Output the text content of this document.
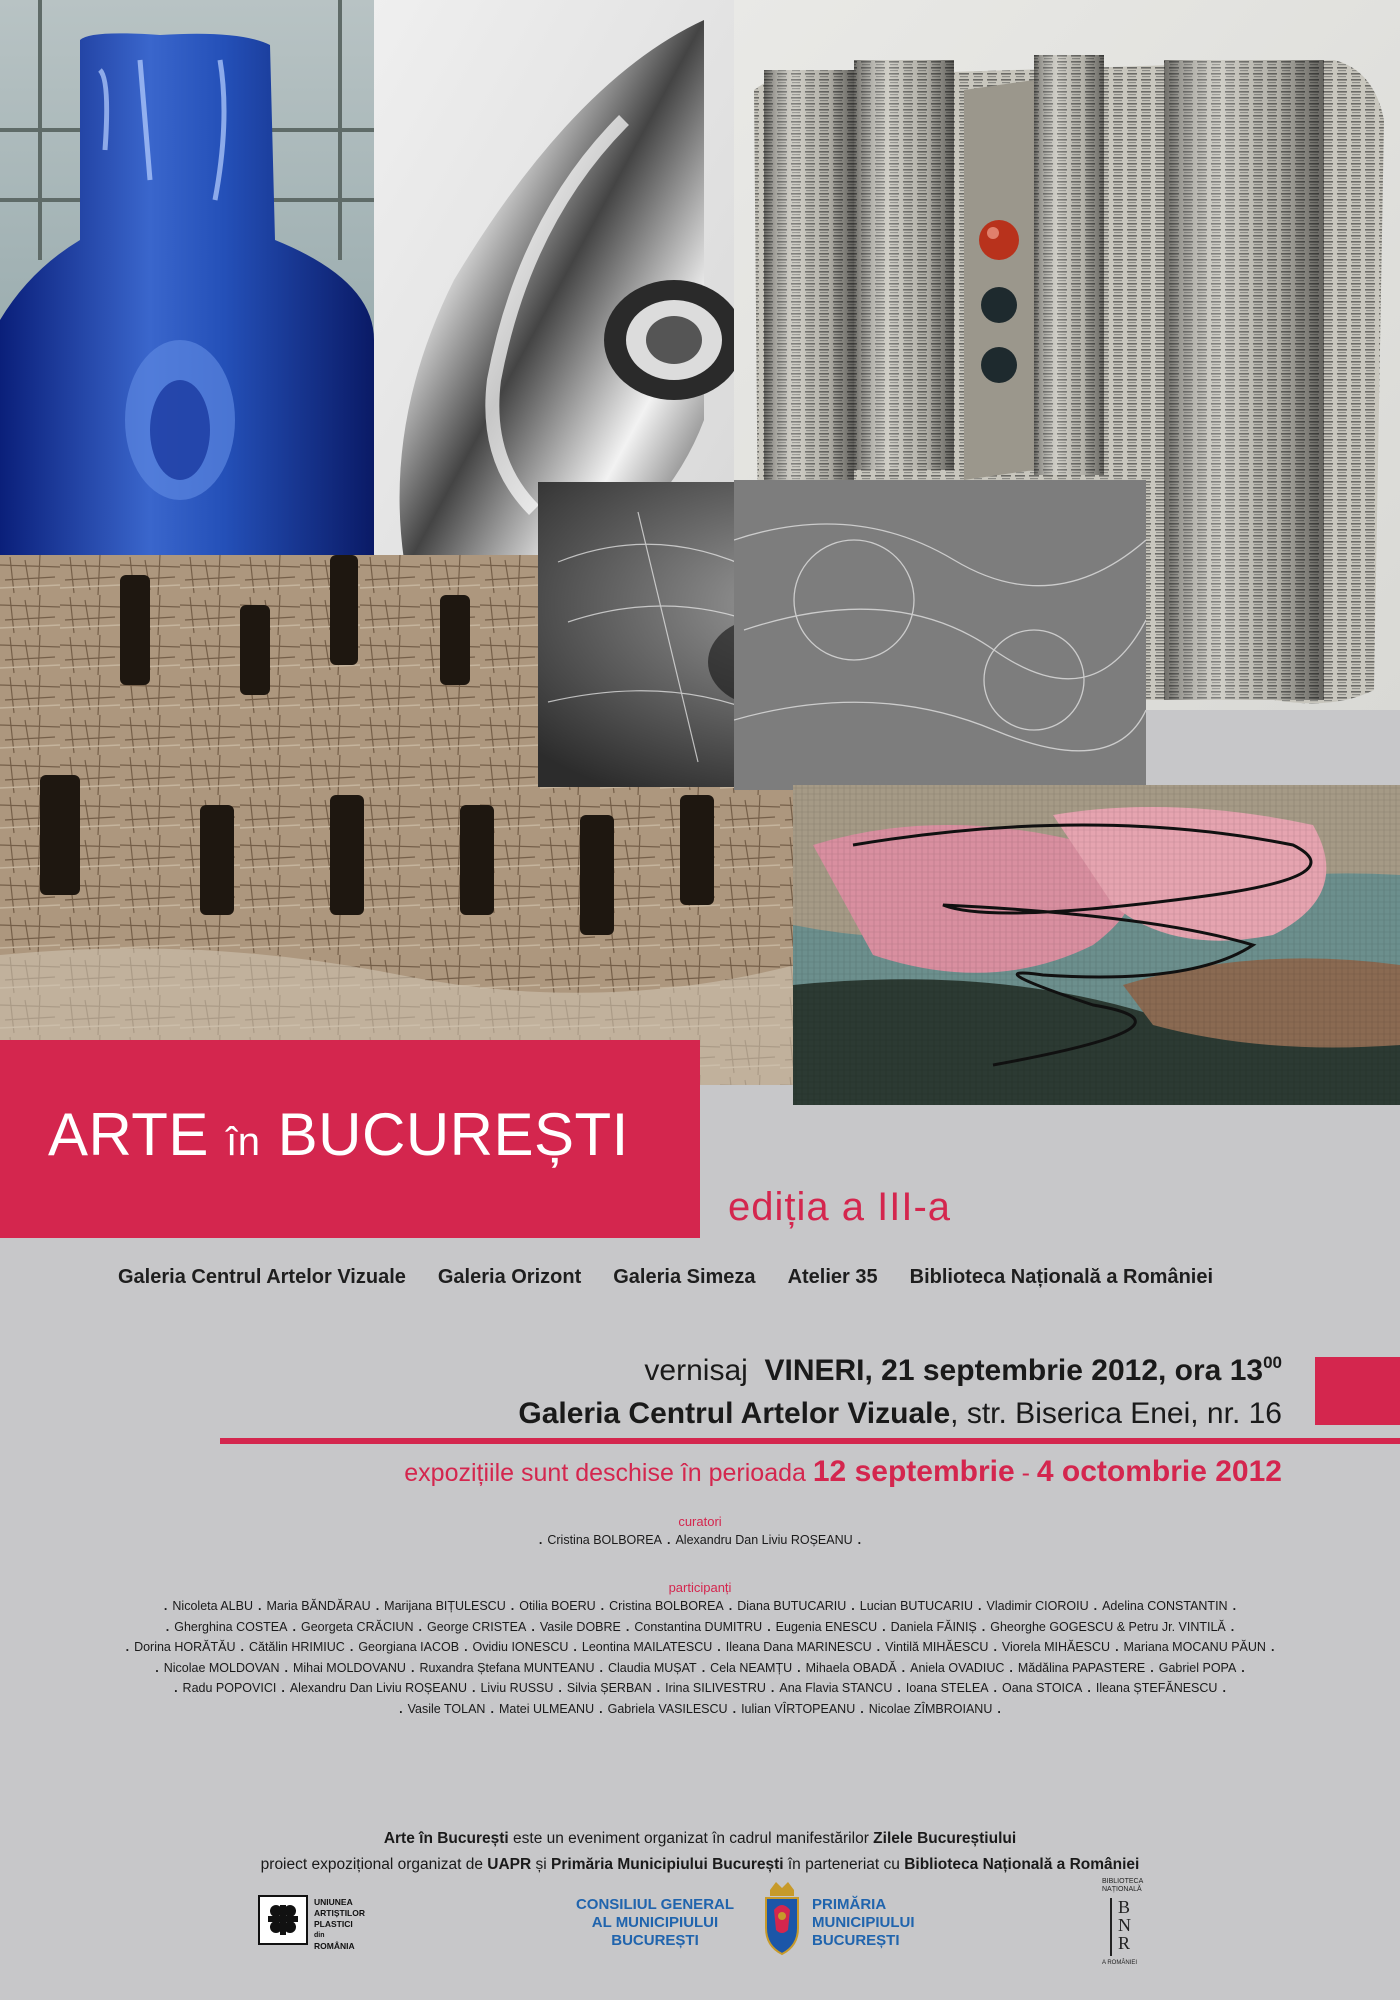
ARTE în BUCUREȘTI
ediția a III-a
Galeria Centrul Artelor Vizuale Galeria Orizont Galeria Simeza Atelier 35 Biblioteca Națională a României
vernisaj VINERI, 21 septembrie 2012, ora $13^{00}$
Galeria Centrul Artelor Vizuale, str. Biserica Enei, nr. 16
expozițiile sunt deschise în perioada 12 septembrie - 4 octombrie 2012
curatori
. Cristina BOLBOREA . Alexandru Dan Liviu ROȘEANU .
participanți
. Nicoleta ALBU . Maria BĂNDĂRAU . Marijana BIȚULESCU . Otilia BOERU . Cristina BOLBOREA . Diana BUTUCARIU . Lucian BUTUCARIU . Vladimir CIOROIU . Adelina CONSTANTIN .
. Gherghina COSTEA . Georgeta CRĂCIUN . George CRISTEA . Vasile DOBRE . Constantina DUMITRU . Eugenia ENESCU . Daniela FĂINIȘ . Gheorghe GOGESCU & Petru Jr. VINTILĂ .
. Dorina HORĂTĂU . Cătălin HRIMIUC . Georgiana IACOB . Ovidiu IONESCU . Leontina MAILATESCU . Ileana Dana MARINESCU . Vintilă MIHĂESCU . Viorela MIHĂESCU . Mariana MOCANU PĂUN .
. Nicolae MOLDOVAN . Mihai MOLDOVANU . Ruxandra Ștefana MUNTEANU . Claudia MUȘAT . Cela NEAMȚU . Mihaela OBADĂ . Aniela OVADIUC . Mădălina PAPASTERE . Gabriel POPA .
. Radu POPOVICI . Alexandru Dan Liviu ROȘEANU . Liviu RUSSU . Silvia ȘERBAN . Irina SILIVESTRU . Ana Flavia STANCU . Ioana STELEA . Oana STOICA . Ileana ȘTEFĂNESCU .
. Vasile TOLAN . Matei ULMEANU . Gabriela VASILESCU . Iulian VÎRTOPEANU . Nicolae ZÎMBROIANU .
Arte în București este un eveniment organizat în cadrul manifestărilor Zilele Bucureștiului
proiect expozițional organizat de UAPR și Primăria Municipiului București în parteneriat cu Biblioteca Națională a României
UNIUNEA
ARTIȘTILOR
PLASTICI
din
ROMÂNIA
CONSILIUL GENERAL
AL MUNICIPIULUI
BUCUREȘTI
PRIMĂRIA
MUNICIPIULUI
BUCUREȘTI
BIBLIOTECA
NAȚIONALĂ
BNR
A ROMÂNIEI
